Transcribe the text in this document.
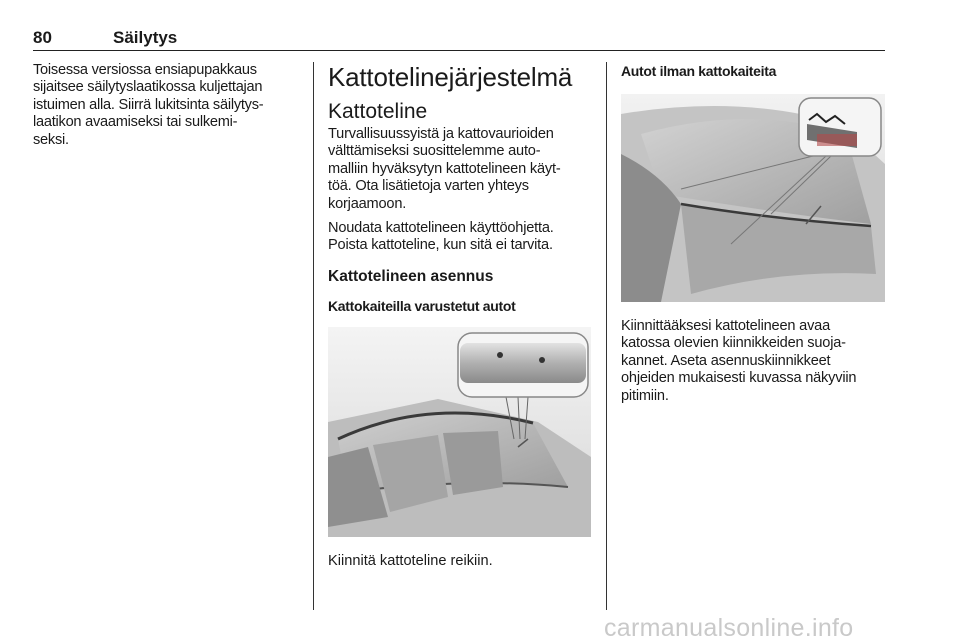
80	Säilytys

Toisessa versiossa ensiapupakkaus
sijaitsee säilytyslaatikossa kuljettajan
istuimen alla. Siirrä lukitsinta säilytys-
laatikon avaamiseksi tai sulkemi-
seksi.

Kattotelinejärjestelmä
Kattoteline

Turvallisuussyistä ja kattovaurioiden
välttämiseksi suosittelemme auto-
malliin hyväksytyn kattotelineen käyt-
töä. Ota lisätietoja varten yhteys
korjaamoon.

Noudata kattotelineen käyttöohjetta.
Poista kattoteline, kun sitä ei tarvita.

Kattotelineen asennus
Kattokaiteilla varustetut autot

Kiinnitä kattoteline reikiin.

Autot ilman kattokaiteita

Kiinnittääksesi kattotelineen avaa
katossa olevien kiinnikkeiden suoja-
kannet. Aseta asennuskiinnikkeet
ohjeiden mukaisesti kuvassa näkyviin
pitimiin.

carmanualsonline.info
